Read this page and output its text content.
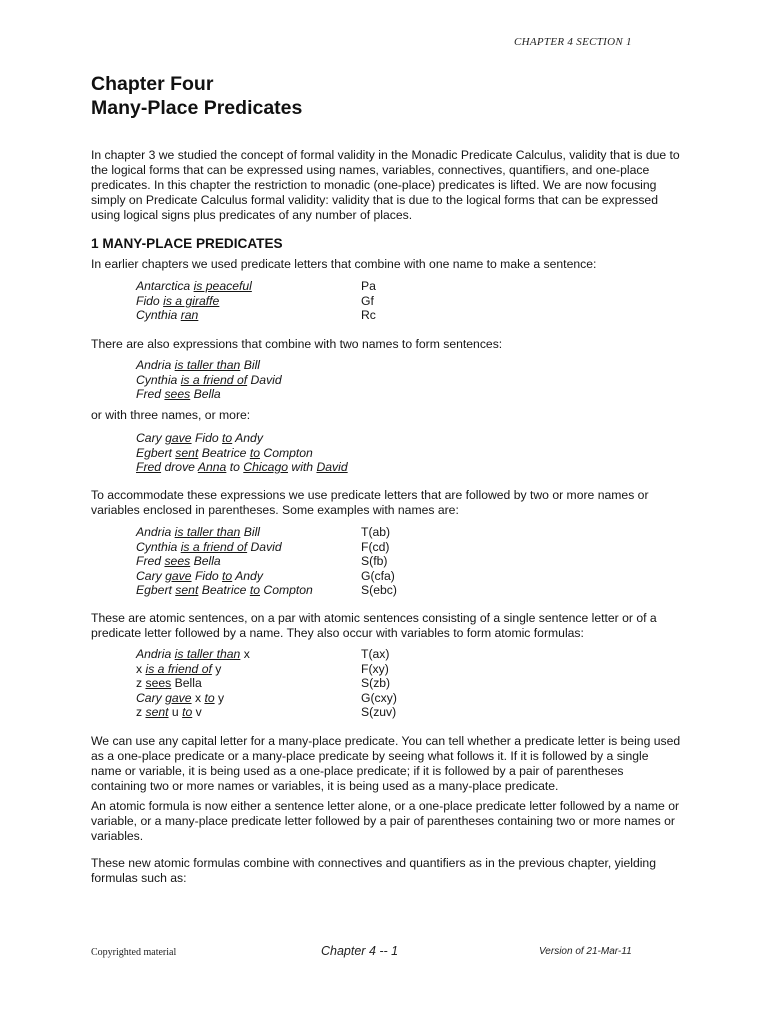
CHAPTER 4 SECTION 1
Chapter Four
Many-Place Predicates

In chapter 3 we studied the concept of formal validity in the Monadic Predicate Calculus, validity that is due to the logical forms that can be expressed using names, variables, connectives, quantifiers, and one-place predicates. In this chapter the restriction to monadic (one-place) predicates is lifted. We are now focusing simply on Predicate Calculus formal validity: validity that is due to the logical forms that can be expressed using logical signs plus predicates of any number of places.

1 MANY-PLACE PREDICATES

In earlier chapters we used predicate letters that combine with one name to make a sentence:

Antarctica is peaceful	Pa
Fido is a giraffe	Gf
Cynthia ran	Rc

There are also expressions that combine with two names to form sentences:

Andria is taller than Bill
Cynthia is a friend of David
Fred sees Bella

or with three names, or more:

Cary gave Fido to Andy
Egbert sent Beatrice to Compton
Fred drove Anna to Chicago with David

To accommodate these expressions we use predicate letters that are followed by two or more names or variables enclosed in parentheses. Some examples with names are:

Andria is taller than Bill	T(ab)
Cynthia is a friend of David	F(cd)
Fred sees Bella	S(fb)
Cary gave Fido to Andy	G(cfa)
Egbert sent Beatrice to Compton	S(ebc)

These are atomic sentences, on a par with atomic sentences consisting of a single sentence letter or of a predicate letter followed by a name. They also occur with variables to form atomic formulas:

Andria is taller than x	T(ax)
x is a friend of y	F(xy)
z sees Bella	S(zb)
Cary gave x to y	G(cxy)
z sent u to v	S(zuv)

We can use any capital letter for a many-place predicate. You can tell whether a predicate letter is being used as a one-place predicate or a many-place predicate by seeing what follows it. If it is followed by a single name or variable, it is being used as a one-place predicate; if it is followed by a pair of parentheses containing two or more names or variables, it is being used as a many-place predicate.

An atomic formula is now either a sentence letter alone, or a one-place predicate letter followed by a name or variable, or a many-place predicate letter followed by a pair of parentheses containing two or more names or variables.

These new atomic formulas combine with connectives and quantifiers as in the previous chapter, yielding formulas such as:

Copyrighted material	Chapter 4 -- 1	Version of 21-Mar-11
